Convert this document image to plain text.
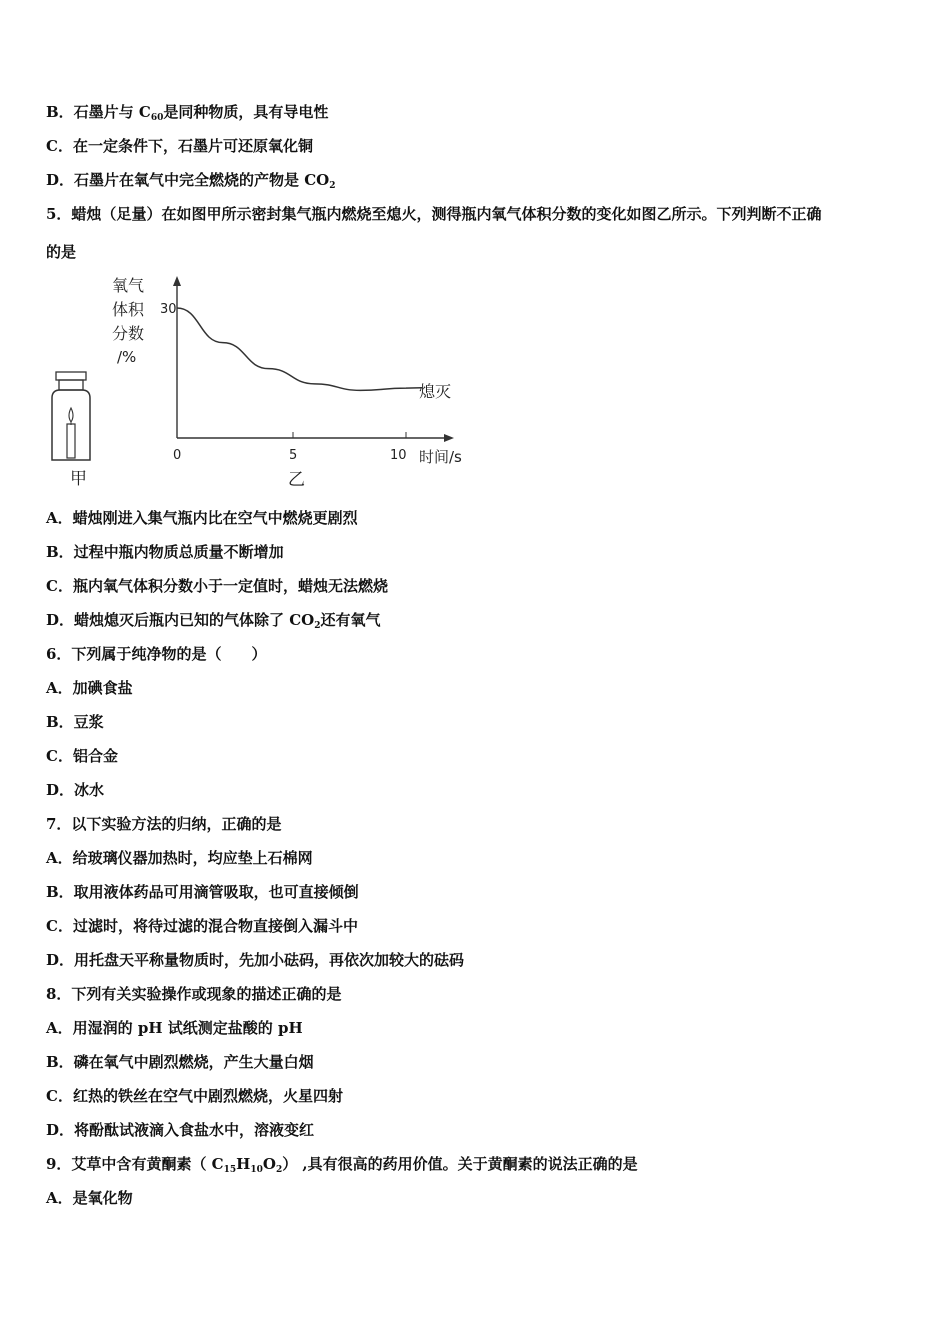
B．石墨片与 $C_{60}$是同种物质，具有导电性
C．在一定条件下，石墨片可还原氧化铜
D．石墨片在氧气中完全燃烧的产物是 $CO_2$
5．蜡烛（足量）在如图甲所示密封集气瓶内燃烧至熄火，测得瓶内氧气体积分数的变化如图乙所示。下列判断不正确
的是
甲
氧气
体积
分数
/%
30
0	5	10 时间/s
乙
熄灭
A．蜡烛刚进入集气瓶内比在空气中燃烧更剧烈
B．过程中瓶内物质总质量不断增加
C．瓶内氧气体积分数小于一定值时，蜡烛无法燃烧
D．蜡烛熄灭后瓶内已知的气体除了 $CO_2$还有氧气
6．下列属于纯净物的是（　　）
A．加碘食盐
B．豆浆
C．铝合金
D．冰水
7．以下实验方法的归纳，正确的是
A．给玻璃仪器加热时，均应垫上石棉网
B．取用液体药品可用滴管吸取，也可直接倾倒
C．过滤时，将待过滤的混合物直接倒入漏斗中
D．用托盘天平称量物质时，先加小砝码，再依次加较大的砝码
8．下列有关实验操作或现象的描述正确的是
A．用湿润的 pH 试纸测定盐酸的 pH
B．磷在氧气中剧烈燃烧，产生大量白烟
C．红热的铁丝在空气中剧烈燃烧，火星四射
D．将酚酞试液滴入食盐水中，溶液变红
9．艾草中含有黄酮素（ $C_{15}H_{10}O_2$） ,具有很高的药用价值。关于黄酮素的说法正确的是
A．是氧化物
